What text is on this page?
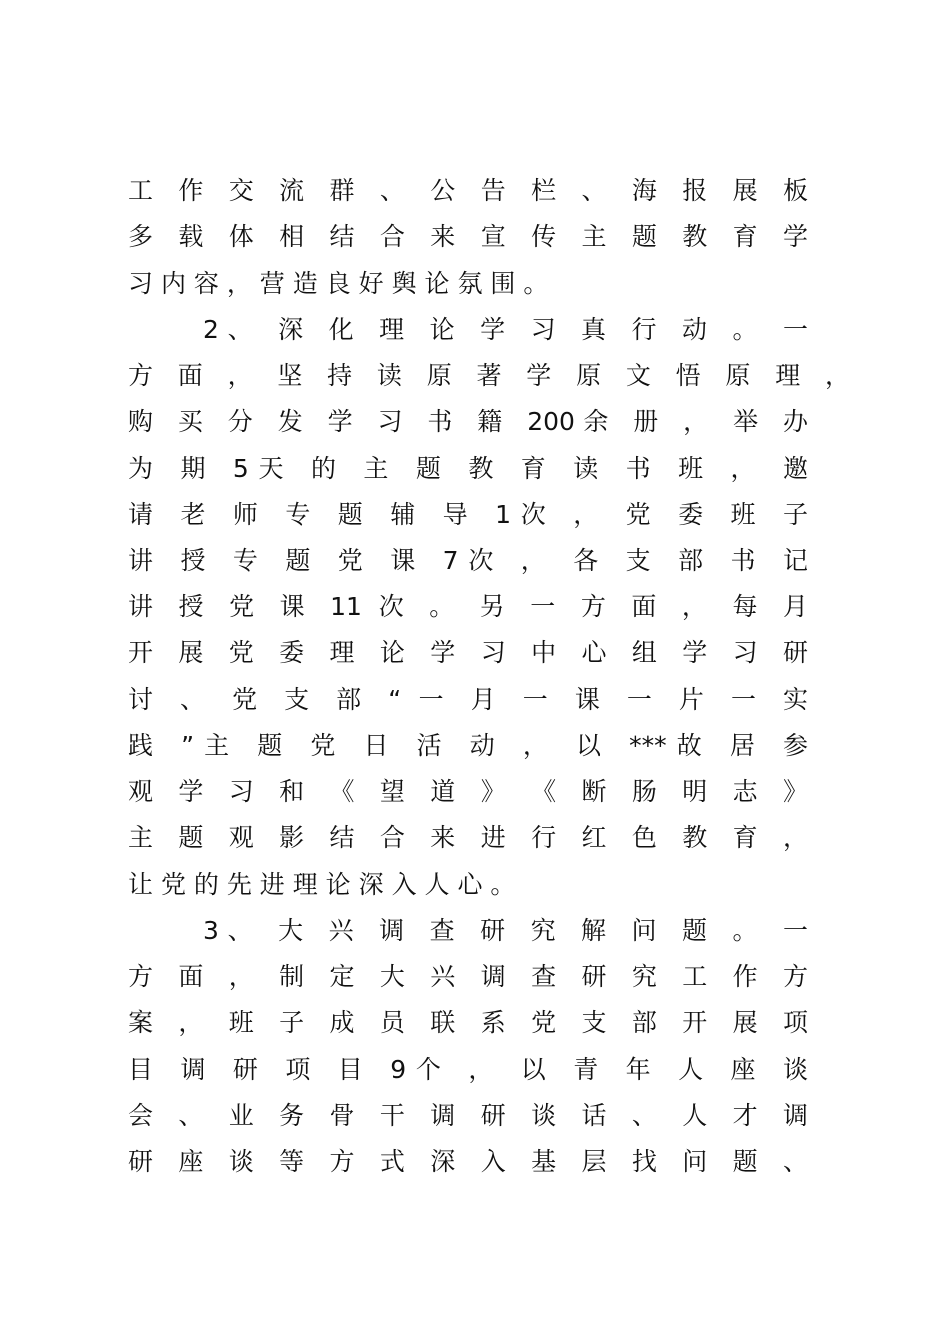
工 作 交 流 群 、 公 告 栏 、 海 报 展 板
多 载 体 相 结 合 来 宣 传 主 题 教 育 学
习 内 容 ， 营 造 良 好 舆 论 氛 围 。
2、 深 化 理 论 学 习 真 行 动 。 一
方 面 ， 坚 持 读 原 著 学 原 文 悟 原 理 ，
购 买 分 发 学 习 书 籍 200余 册 ， 举 办
为 期 5天 的 主 题 教 育 读 书 班 ， 邀
请 老 师 专 题 辅 导 1次 ， 党 委 班 子
讲 授 专 题 党 课 7次 ， 各 支 部 书 记
讲 授 党 课 11 次 。 另 一 方 面 ， 每 月
开 展 党 委 理 论 学 习 中 心 组 学 习 研
讨 、 党 支 部 “ 一 月 一 课 一 片 一 实
践 ”主 题 党 日 活 动 ， 以 ***故 居 参
观 学 习 和 《 望 道 》 《 断 肠 明 志 》
主 题 观 影 结 合 来 进 行 红 色 教 育 ，
让 党 的 先 进 理 论 深 入 人 心 。
3、 大 兴 调 查 研 究 解 问 题 。 一
方 面 ， 制 定 大 兴 调 查 研 究 工 作 方
案 ， 班 子 成 员 联 系 党 支 部 开 展 项
目 调 研 项 目 9个 ， 以 青 年 人 座 谈
会 、 业 务 骨 干 调 研 谈 话 、 人 才 调
研 座 谈 等 方 式 深 入 基 层 找 问 题 、
